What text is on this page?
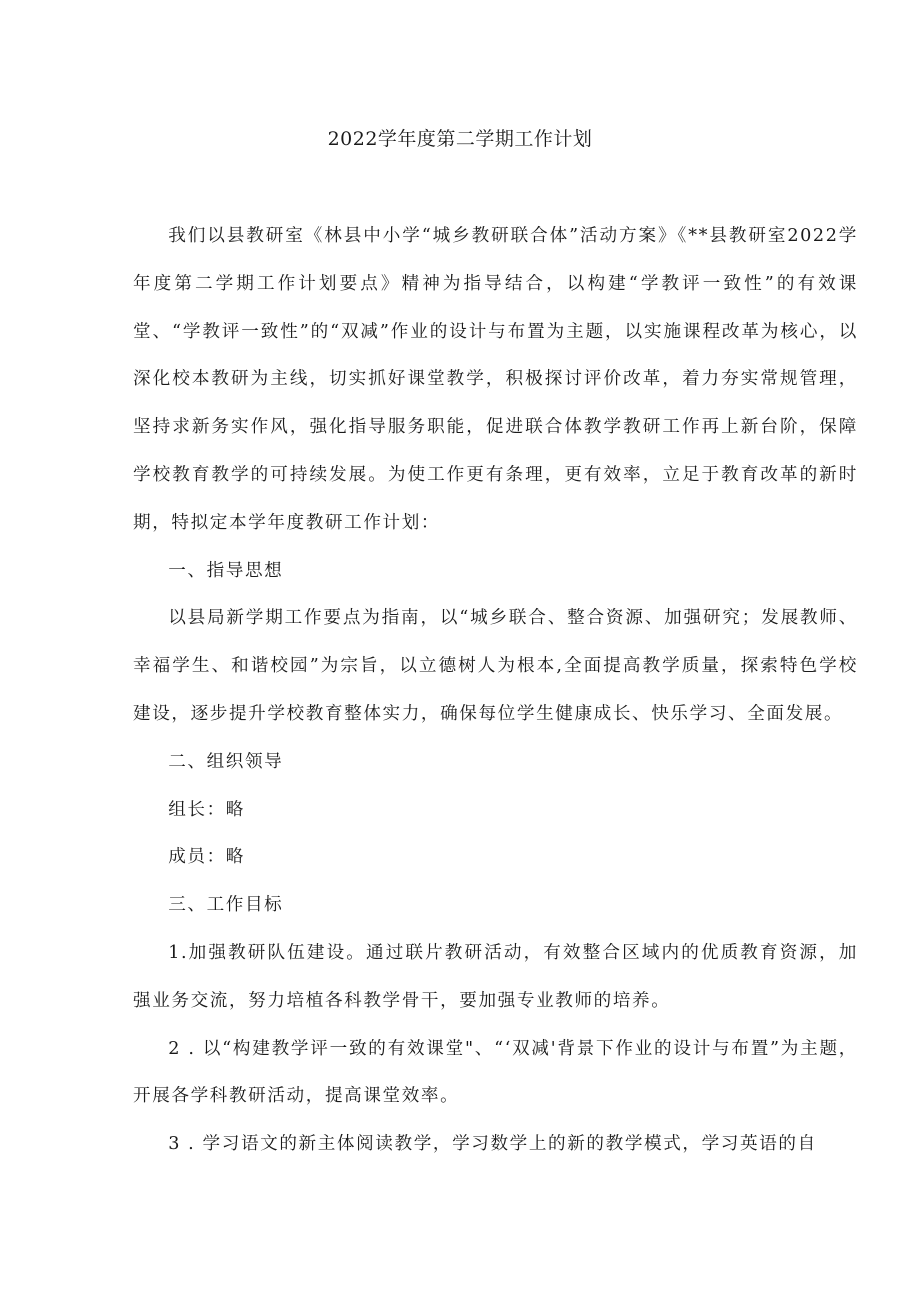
2022学年度第二学期工作计划

我们以县教研室《林县中小学“城乡教研联合体”活动方案》《**县教研室2022学年度第二学期工作计划要点》精神为指导结合，以构建“学教评一致性”的有效课堂、“学教评一致性”的“双减”作业的设计与布置为主题，以实施课程改革为核心，以深化校本教研为主线，切实抓好课堂教学，积极探讨评价改革，着力夯实常规管理，坚持求新务实作风，强化指导服务职能，促进联合体教学教研工作再上新台阶，保障学校教育教学的可持续发展。为使工作更有条理，更有效率，立足于教育改革的新时期，特拟定本学年度教研工作计划：

一、指导思想

以县局新学期工作要点为指南，以“城乡联合、整合资源、加强研究；发展教师、幸福学生、和谐校园”为宗旨，以立德树人为根本,全面提高教学质量，探索特色学校建设，逐步提升学校教育整体实力，确保每位学生健康成长、快乐学习、全面发展。

二、组织领导

组长：略

成员：略

三、工作目标

1.加强教研队伍建设。通过联片教研活动，有效整合区域内的优质教育资源，加强业务交流，努力培植各科教学骨干，要加强专业教师的培养。

2 . 以“构建教学评一致的有效课堂"、“‘双减'背景下作业的设计与布置”为主题，开展各学科教研活动，提高课堂效率。

3 . 学习语文的新主体阅读教学，学习数学上的新的教学模式，学习英语的自
